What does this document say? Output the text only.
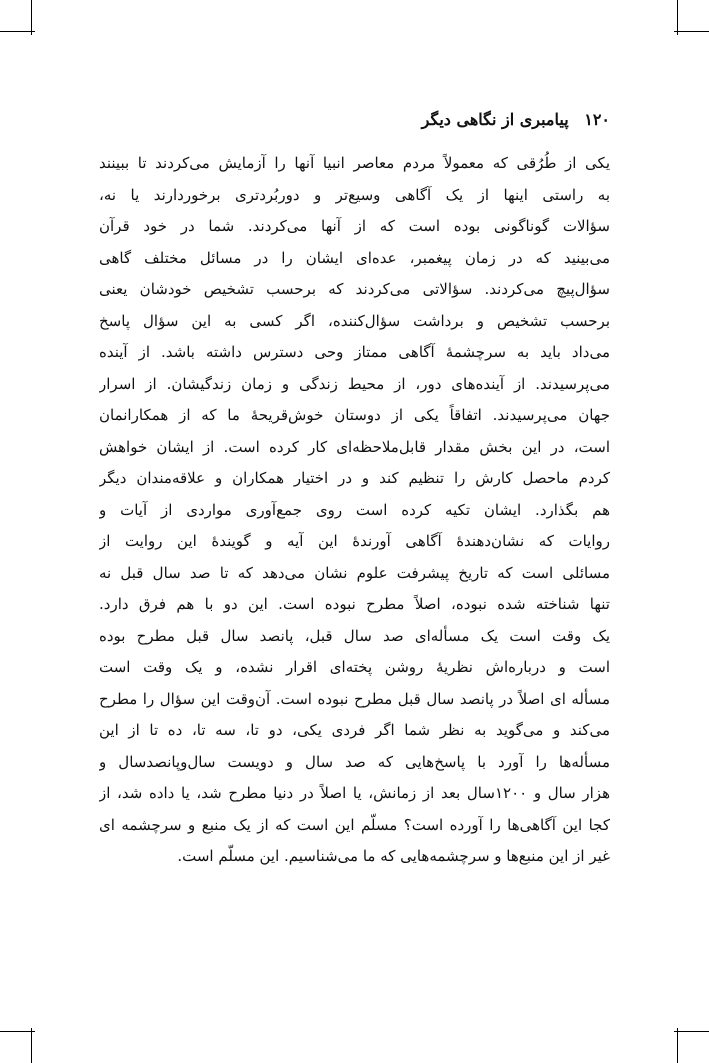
۱۲۰ پیامبری از نگاهی دیگر
یکی از طُرُقی که معمولاً مردم معاصر انبیا آنها را آزمایش می‌کردند تا ببینند
به راستی اینها از یک آگاهی وسیع‌تر و دوربُردتری برخوردارند یا نه،
سؤالات گوناگونی بوده است که از آنها می‌کردند. شما در خود قرآن
می‌بینید که در زمان پیغمبر، عده‌ای ایشان را در مسائل مختلف گاهی
سؤال‌پیچ می‌کردند. سؤالاتی می‌کردند که برحسب تشخیص خودشان یعنی
برحسب تشخیص و برداشت سؤال‌کننده، اگر کسی به این سؤال پاسخ
می‌داد باید به سرچشمهٔ آگاهی ممتاز وحی دسترس داشته باشد. از آینده
می‌پرسیدند. از آینده‌های دور، از محیط زندگی و زمان زندگیشان. از اسرار
جهان می‌پرسیدند. اتفاقاً یکی از دوستان خوش‌قریحهٔ ما که از همکارانمان
است، در این بخش مقدار قابل‌ملاحظه‌ای کار کرده است. از ایشان خواهش
کردم ماحصل کارش را تنظیم کند و در اختیار همکاران و علاقه‌مندان دیگر
هم بگذارد. ایشان تکیه کرده است روی جمع‌آوری مواردی از آیات و
روایات که نشان‌دهندهٔ آگاهی آورندهٔ این آیه و گویندهٔ این روایت از
مسائلی است که تاریخ پیشرفت علوم نشان می‌دهد که تا صد سال قبل نه
تنها شناخته شده نبوده، اصلاً مطرح نبوده است. این دو با هم فرق دارد.
یک وقت است یک مسأله‌ای صد سال قبل، پانصد سال قبل مطرح بوده
است و درباره‌اش نظریهٔ روشن پخته‌ای اقرار نشده، و یک وقت است
مسأله ای اصلاً در پانصد سال قبل مطرح نبوده است. آن‌وقت این سؤال را مطرح
می‌کند و می‌گوید به نظر شما اگر فردی یکی، دو تا، سه تا، ده تا از این
مسأله‌ها را آورد با پاسخ‌هایی که صد سال و دویست سال‌وپانصدسال و
هزار سال و ۱۲۰۰سال بعد از زمانش، یا اصلاً در دنیا مطرح شد، یا داده شد، از
کجا این آگاهی‌ها را آورده است؟ مسلّم این است که از یک منبع و سرچشمه ای
غیر از این منبع‌ها و سرچشمه‌هایی که ما می‌شناسیم. این مسلّم است.
